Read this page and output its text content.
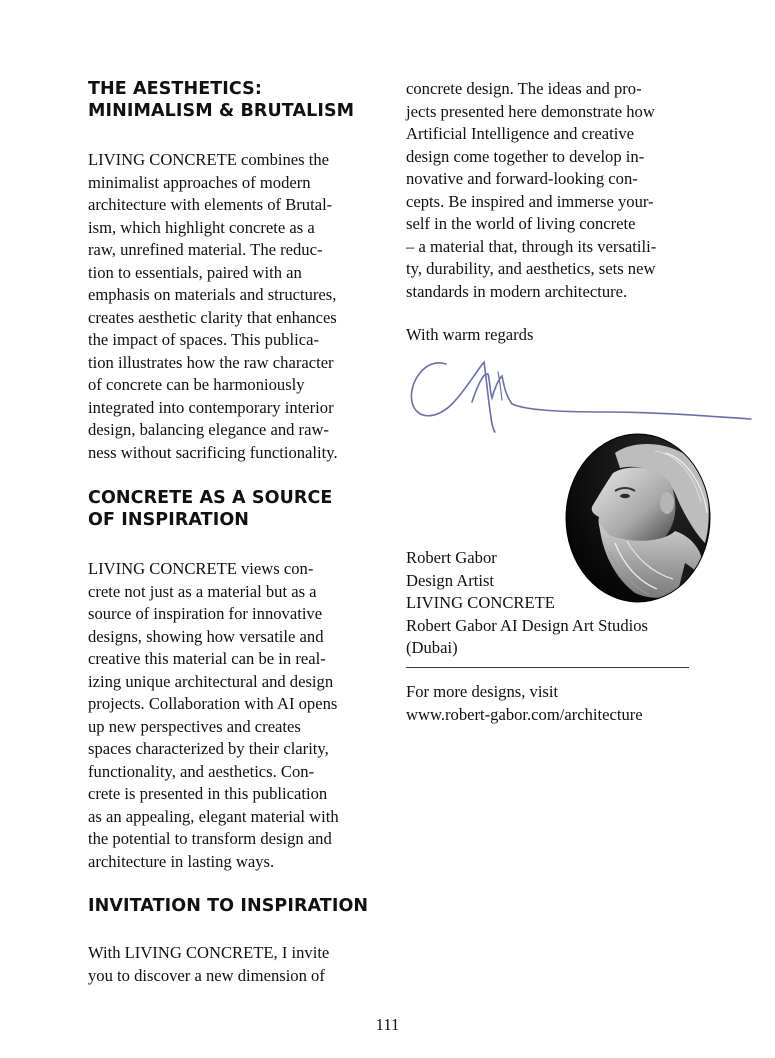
THE AESTHETICS:
MINIMALISM & BRUTALISM

LIVING CONCRETE combines the
minimalist approaches of modern
architecture with elements of Brutal-
ism, which highlight concrete as a
raw, unrefined material. The reduc-
tion to essentials, paired with an
emphasis on materials and structures,
creates aesthetic clarity that enhances
the impact of spaces. This publica-
tion illustrates how the raw character
of concrete can be harmoniously
integrated into contemporary interior
design, balancing elegance and raw-
ness without sacrificing functionality.

CONCRETE AS A SOURCE
OF INSPIRATION

LIVING CONCRETE views con-
crete not just as a material but as a
source of inspiration for innovative
designs, showing how versatile and
creative this material can be in real-
izing unique architectural and design
projects. Collaboration with AI opens
up new perspectives and creates
spaces characterized by their clarity,
functionality, and aesthetics. Con-
crete is presented in this publication
as an appealing, elegant material with
the potential to transform design and
architecture in lasting ways.

INVITATION TO INSPIRATION

With LIVING CONCRETE, I invite
you to discover a new dimension of

concrete design. The ideas and pro-
jects presented here demonstrate how
Artificial Intelligence and creative
design come together to develop in-
novative and forward-looking con-
cepts. Be inspired and immerse your-
self in the world of living concrete
– a material that, through its versatili-
ty, durability, and aesthetics, sets new
standards in modern architecture.

With warm regards

Robert Gabor

Design Artist

LIVING CONCRETE

Robert Gabor AI Design Art Studios

(Dubai)

For more designs, visit

www.robert-gabor.com/architecture

111
